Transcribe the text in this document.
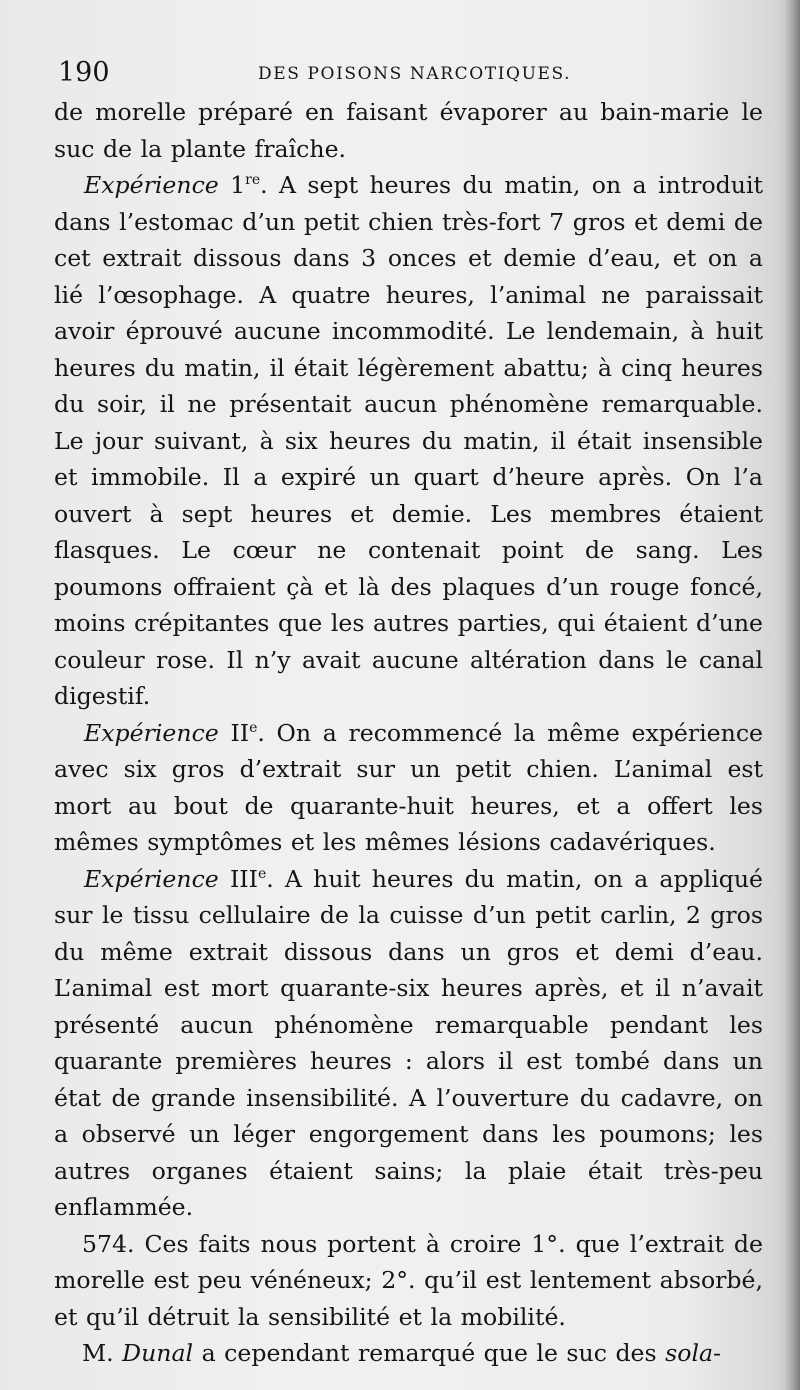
190	DES POISONS NARCOTIQUES.

de morelle préparé en faisant évaporer au bain-marie le suc de la plante fraîche.

Expérience 1re. A sept heures du matin, on a introduit dans l’estomac d’un petit chien très-fort 7 gros et demi de cet extrait dissous dans 3 onces et demie d’eau, et on a lié l’œsophage. A quatre heures, l’animal ne paraissait avoir éprouvé aucune incommodité. Le lendemain, à huit heures du matin, il était légèrement abattu; à cinq heures du soir, il ne présentait aucun phénomène remarquable. Le jour suivant, à six heures du matin, il était insensible et immobile. Il a expiré un quart d’heure après. On l’a ouvert à sept heures et demie. Les membres étaient flasques. Le cœur ne contenait point de sang. Les poumons offraient çà et là des plaques d’un rouge foncé, moins crépitantes que les autres parties, qui étaient d’une couleur rose. Il n’y avait aucune altération dans le canal digestif.

Expérience IIe. On a recommencé la même expérience avec six gros d’extrait sur un petit chien. L’animal est mort au bout de quarante-huit heures, et a offert les mêmes symptômes et les mêmes lésions cadavériques.

Expérience IIIe. A huit heures du matin, on a appliqué sur le tissu cellulaire de la cuisse d’un petit carlin, 2 gros du même extrait dissous dans un gros et demi d’eau. L’animal est mort quarante-six heures après, et il n’avait présenté aucun phénomène remarquable pendant les quarante premières heures : alors il est tombé dans un état de grande insensibilité. A l’ouverture du cadavre, on a observé un léger engorgement dans les poumons; les autres organes étaient sains; la plaie était très-peu enflammée.

574. Ces faits nous portent à croire 1°. que l’extrait de morelle est peu vénéneux; 2°. qu’il est lentement absorbé, et qu’il détruit la sensibilité et la mobilité.

M. Dunal a cependant remarqué que le suc des sola-
